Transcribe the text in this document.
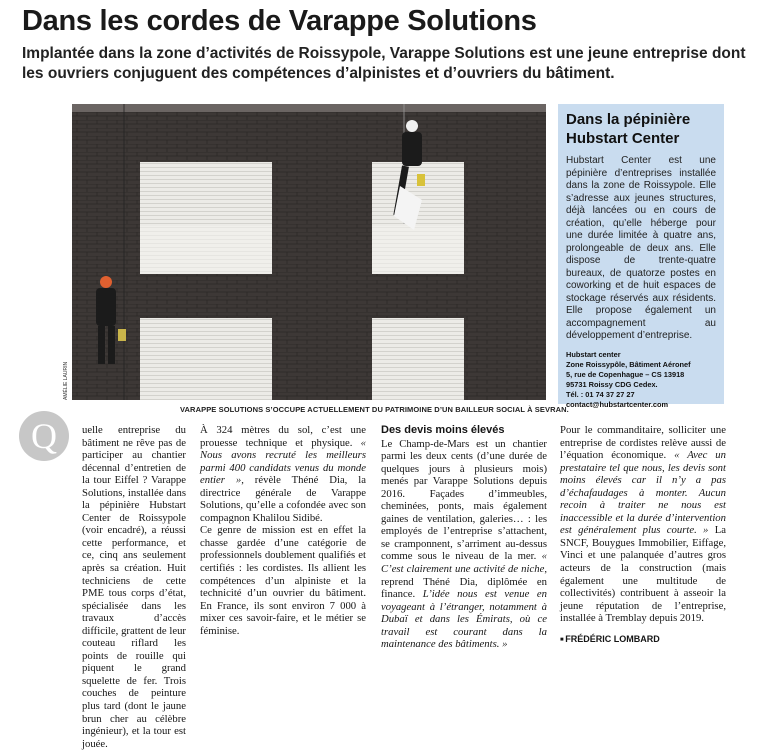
Dans les cordes de Varappe Solutions

Implantée dans la zone d’activités de Roissypole, Varappe Solutions est une jeune entreprise dont les ouvriers conjuguent des compétences d’alpinistes et d’ouvriers du bâtiment.

AMÉLIE LAURIN
VARAPPE SOLUTIONS S’OCCUPE ACTUELLEMENT DU PATRIMOINE D’UN BAILLEUR SOCIAL À SEVRAN.
Dans la pépinière Hubstart Center

Hubstart Center est une pépinière d’entreprises installée dans la zone de Roissypole. Elle s’adresse aux jeunes structures, déjà lancées ou en cours de création, qu’elle héberge pour une durée limitée à quatre ans, prolongeable de deux ans. Elle dispose de trente-quatre bureaux, de quatorze postes en coworking et de huit espaces de stockage réservés aux résidents. Elle propose également un accompagnement au développement d’entreprise.

Hubstart center
Zone Roissypôle, Bâtiment Aéronef
5, rue de Copenhague – CS 13918
95731 Roissy CDG Cedex.
Tél. : 01 74 37 27 27
contact@hubstartcenter.com
Q uelle entreprise du bâtiment ne rêve pas de participer au chantier décennal d’entretien de la tour Eiffel ? Varappe Solutions, installée dans la pépinière Hubstart Center de Roissypole (voir encadré), a réussi cette performance, et ce, cinq ans seulement après sa création. Huit techniciens de cette PME tous corps d’état, spécialisée dans les travaux d’accès difficile, grattent de leur couteau riflard les points de rouille qui piquent le grand squelette de fer. Trois couches de peinture plus tard (dont le jaune brun cher au célèbre ingénieur), et la tour est jouée.

À 324 mètres du sol, c’est une prouesse technique et physique. « Nous avons recruté les meilleurs parmi 400 candidats venus du monde entier », révèle Théné Dia, la directrice générale de Varappe Solutions, qu’elle a cofondée avec son compagnon Khalilou Sidibé.

Ce genre de mission est en effet la chasse gardée d’une catégorie de professionnels doublement qualifiés et certifiés : les cordistes. Ils allient les compétences d’un alpiniste et la technicité d’un ouvrier du bâtiment. En France, ils sont environ 7 000 à mixer ces savoir-faire, et le métier se féminise.

Des devis moins élevés

Le Champ-de-Mars est un chantier parmi les deux cents (d’une durée de quelques jours à plusieurs mois) menés par Varappe Solutions depuis 2016. Façades d’immeubles, cheminées, ponts, mais également gaines de ventilation, galeries… : les employés de l’entreprise s’attachent, se cramponnent, s’arriment au-dessus comme sous le niveau de la mer. « C’est clairement une activité de niche, reprend Théné Dia, diplômée en finance. L’idée nous est venue en voyageant à l’étranger, notamment à Dubaï et dans les Émirats, où ce travail est courant dans la maintenance des bâtiments. »

Pour le commanditaire, solliciter une entreprise de cordistes relève aussi de l’équation économique. « Avec un prestataire tel que nous, les devis sont moins élevés car il n’y a pas d’échafaudages à monter. Aucun recoin à traiter ne nous est inaccessible et la durée d’intervention est généralement plus courte. » La SNCF, Bouygues Immobilier, Eiffage, Vinci et une palanquée d’autres gros acteurs de la construction (mais également une multitude de collectivités) contribuent à asseoir la jeune réputation de l’entreprise, installée à Tremblay depuis 2019.

■ FRÉDÉRIC LOMBARD
